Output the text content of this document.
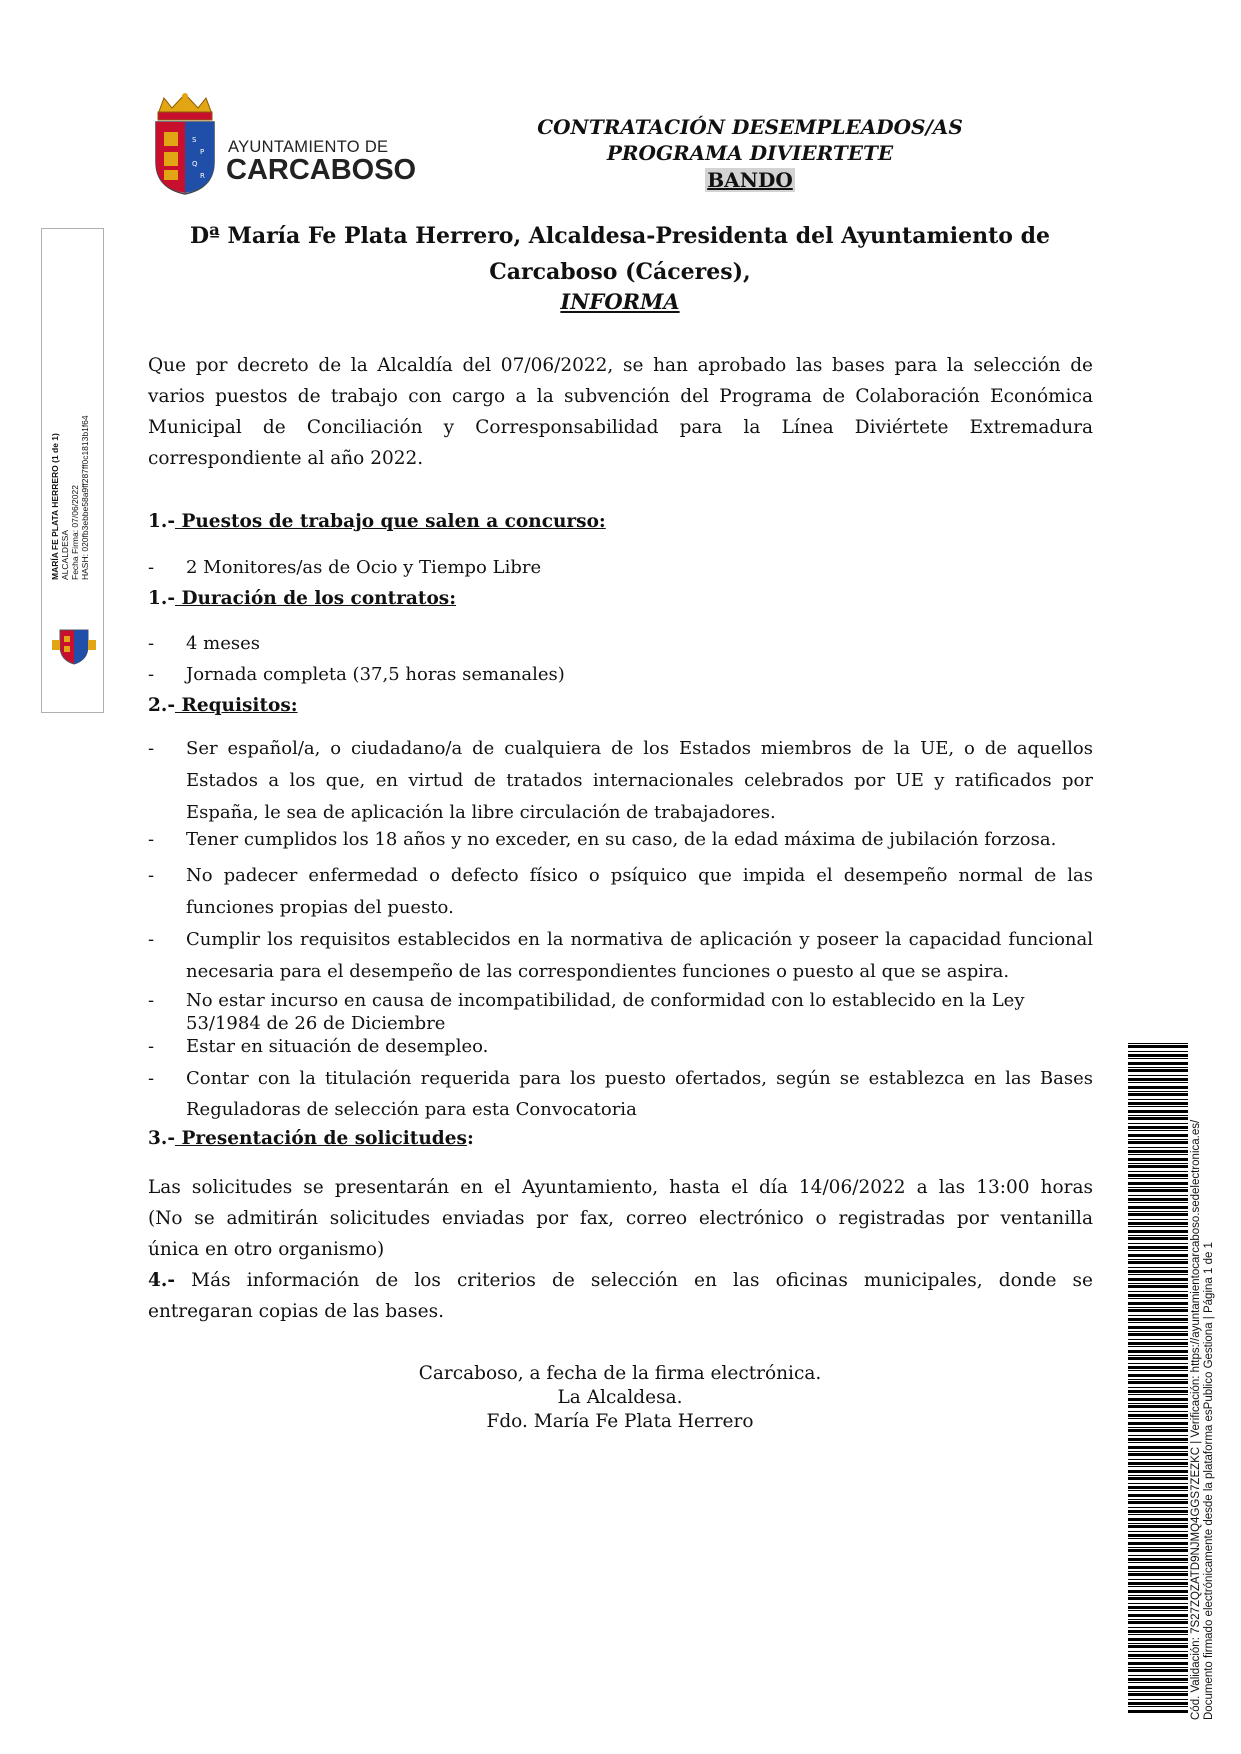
S
P
Q
R
AYUNTAMIENTO DE
CARCABOSO
CONTRATACIÓN DESEMPLEADOS/AS
PROGRAMA DIVIERTETE
BANDO
Dª María Fe Plata Herrero, Alcaldesa-Presidenta del Ayuntamiento de
Carcaboso (Cáceres),
INFORMA
Que por decreto de la Alcaldía del 07/06/2022, se han aprobado las bases para la selección de
varios puestos de trabajo con cargo a la subvención del Programa de Colaboración Económica
Municipal de Conciliación y Corresponsabilidad para la Línea Diviértete Extremadura
correspondiente al año 2022.
1.- Puestos de trabajo que salen a concurso:
- 2 Monitores/as de Ocio y Tiempo Libre
1.- Duración de los contratos:
- 4 meses
- Jornada completa (37,5 horas semanales)
2.- Requisitos:
- Ser español/a, o ciudadano/a de cualquiera de los Estados miembros de la UE, o de aquellos Estados a los que, en virtud de tratados internacionales celebrados por UE y ratificados por España, le sea de aplicación la libre circulación de trabajadores.
- Tener cumplidos los 18 años y no exceder, en su caso, de la edad máxima de jubilación forzosa.
- No padecer enfermedad o defecto físico o psíquico que impida el desempeño normal de las funciones propias del puesto.
- Cumplir los requisitos establecidos en la normativa de aplicación y poseer la capacidad funcional necesaria para el desempeño de las correspondientes funciones o puesto al que se aspira.
- No estar incurso en causa de incompatibilidad, de conformidad con lo establecido en la Ley 53/1984 de 26 de Diciembre
- Estar en situación de desempleo.
- Contar con la titulación requerida para los puesto ofertados, según se establezca en las Bases Reguladoras de selección para esta Convocatoria
3.- Presentación de solicitudes:
Las solicitudes se presentarán en el Ayuntamiento, hasta el día 14/06/2022 a las 13:00 horas
(No se admitirán solicitudes enviadas por fax, correo electrónico o registradas por ventanilla
única en otro organismo)
4.- Más información de los criterios de selección en las oficinas municipales, donde se
entregaran copias de las bases.
Carcaboso, a fecha de la firma electrónica.
La Alcaldesa.
Fdo. María Fe Plata Herrero
MARÍA FE PLATA HERRERO (1 de 1) ALCALDESA Fecha Firma: 07/06/2022 HASH: 020fb3ebbe58a9ff287ff0c1813b1f64
Cód. Validación: 7S27ZQZATD9NJMQ4GGS7ZEZKC | Verificación: https://ayuntamientocarcaboso.sedelectronica.es/ Documento firmado electrónicamente desde la plataforma esPublico Gestiona | Página 1 de 1
